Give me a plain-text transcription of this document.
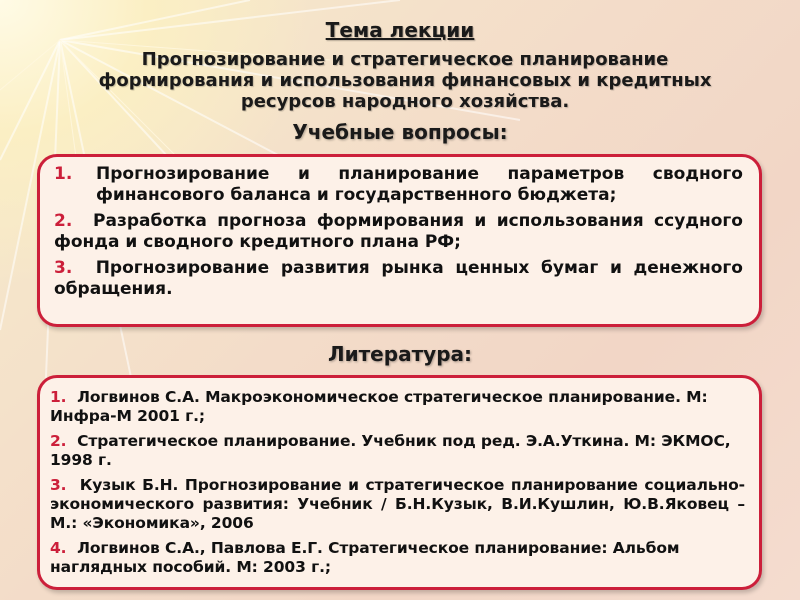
Тема лекции
Прогнозирование и стратегическое планирование формирования и использования финансовых и кредитных ресурсов народного хозяйства.
Учебные вопросы:
1.	Прогнозирование и планирование параметров сводного финансового баланса и государственного бюджета;
2.  Разработка прогноза формирования и использования ссудного фонда и сводного кредитного плана РФ;
3.  Прогнозирование развития рынка ценных бумаг и денежного обращения.
Литература:
1.  Логвинов С.А. Макроэкономическое стратегическое планирование. М: Инфра-М 2001 г.;
2.  Стратегическое планирование. Учебник под ред. Э.А.Уткина. М: ЭКМОС, 1998 г.
3.  Кузык Б.Н. Прогнозирование и стратегическое планирование социально-экономического развития: Учебник / Б.Н.Кузык, В.И.Кушлин, Ю.В.Яковец – М.: «Экономика», 2006
4.  Логвинов С.А., Павлова Е.Г. Стратегическое планирование: Альбом наглядных пособий. М: 2003 г.;
